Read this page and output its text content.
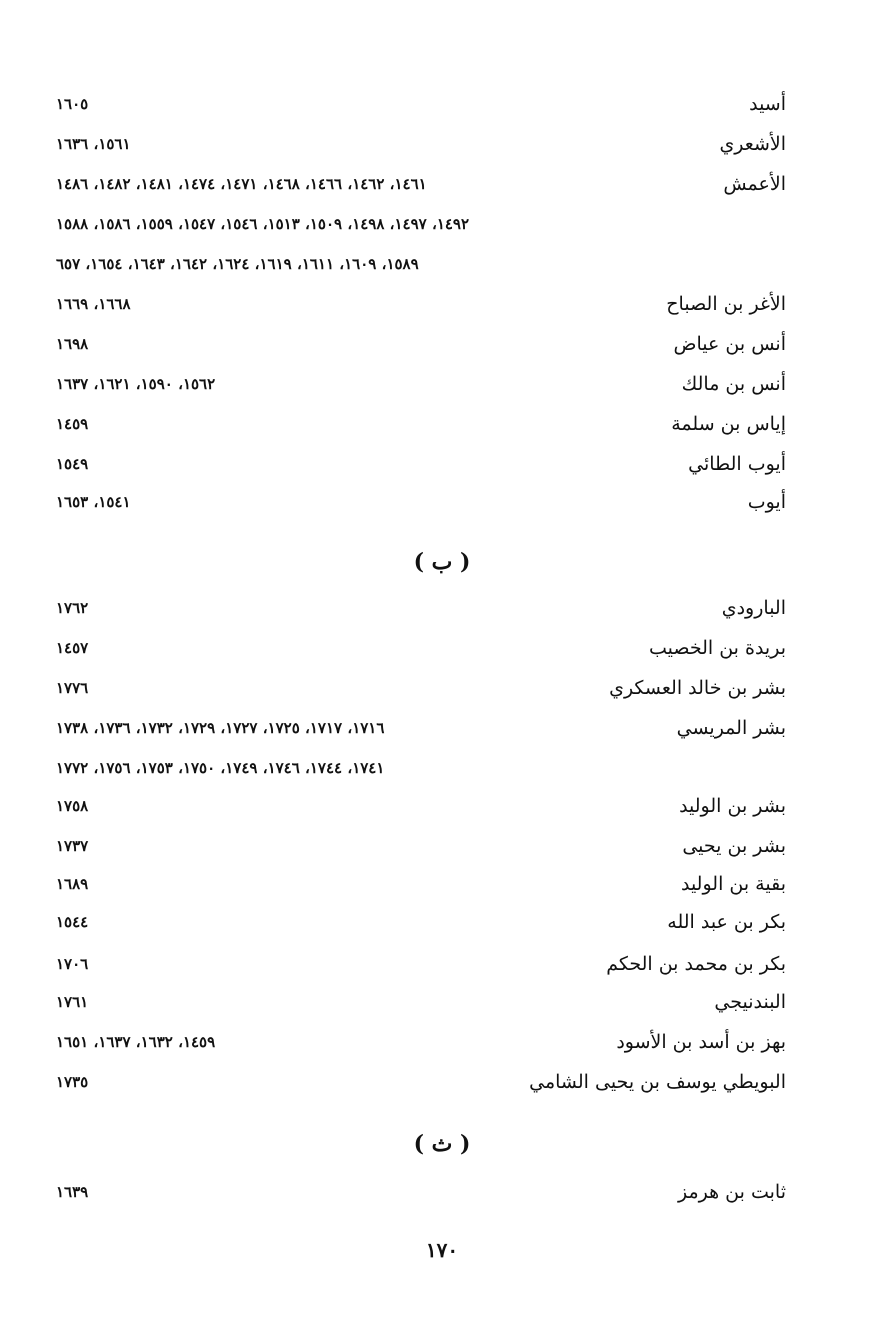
أسيد
١٦٠٥
الأشعري
١٥٦١، ١٦٣٦
الأعمش
١٤٦١، ١٤٦٢، ١٤٦٦، ١٤٦٨، ١٤٧١، ١٤٧٤، ١٤٨١، ١٤٨٢، ١٤٨٦
١٤٩٢، ١٤٩٧، ١٤٩٨، ١٥٠٩، ١٥١٣، ١٥٤٦، ١٥٤٧، ١٥٥٩، ١٥٨٦، ١٥٨٨
١٥٨٩، ١٦٠٩، ١٦١١، ١٦١٩، ١٦٢٤، ١٦٤٢، ١٦٤٣، ١٦٥٤، ٦٥٧
الأغر بن الصباح
١٦٦٨، ١٦٦٩
أنس بن عياض
١٦٩٨
أنس بن مالك
١٥٦٢، ١٥٩٠، ١٦٢١، ١٦٣٧
إياس بن سلمة
١٤٥٩
أيوب الطائي
١٥٤٩
أيوب
١٥٤١، ١٦٥٣
( ب )
البارودي
١٧٦٢
بريدة بن الخصيب
١٤٥٧
بشر بن خالد العسكري
١٧٧٦
بشر المريسي
١٧١٦، ١٧١٧، ١٧٢٥، ١٧٢٧، ١٧٢٩، ١٧٣٢، ١٧٣٦، ١٧٣٨
١٧٤١، ١٧٤٤، ١٧٤٦، ١٧٤٩، ١٧٥٠، ١٧٥٣، ١٧٥٦، ١٧٧٢
بشر بن الوليد
١٧٥٨
بشر بن يحيى
١٧٣٧
بقية بن الوليد
١٦٨٩
بكر بن عبد الله
١٥٤٤
بكر بن محمد بن الحكم
١٧٠٦
البندنيجي
١٧٦١
بهز بن أسد بن الأسود
١٤٥٩، ١٦٣٢، ١٦٣٧، ١٦٥١
البويطي يوسف بن يحيى الشامي
١٧٣٥
( ث )
ثابت بن هرمز
١٦٣٩
١٧٠
